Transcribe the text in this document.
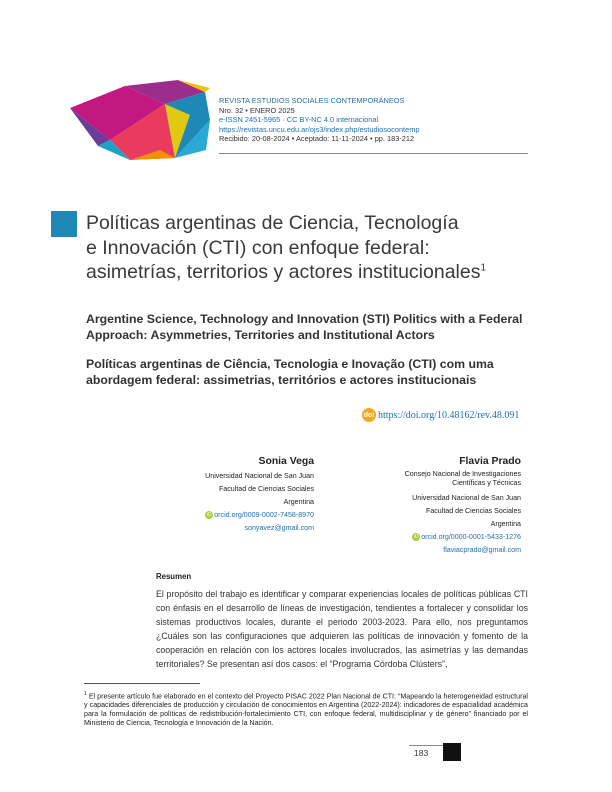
REVISTA ESTUDIOS SOCIALES CONTEMPORÁNEOS
Nro. 32 • ENERO 2025
e-ISSN 2451-5965 · CC BY-NC 4.0 internacional
https://revistas.uncu.edu.ar/ojs3/index.php/estudiosocontemp
Recibido: 20-08-2024 • Aceptado: 11-11-2024 • pp. 183-212
Políticas argentinas de Ciencia, Tecnología
e Innovación (CTI) con enfoque federal:
asimetrías, territorios y actores institucionales$^1$
Argentine Science, Technology and Innovation (STI) Politics with a Federal Approach: Asymmetries, Territories and Institutional Actors
Políticas argentinas de Ciência, Tecnologia e Inovação (CTI) com uma abordagem federal: assimetrias, territórios e actores institucionais
doi https://doi.org/10.48162/rev.48.091
Sonia Vega
Universidad Nacional de San Juan
Facultad de Ciencias Sociales
Argentina
iD orcid.org/0009-0002-7458-8970
sonyavez@gmail.com
Flavia Prado
Consejo Nacional de Investigaciones
Científicas y Técnicas
Universidad Nacional de San Juan
Facultad de Ciencias Sociales
Argentina
iD orcid.org/0000-0001-5433-1276
flaviacprado@gmail.com
Resumen

El propósito del trabajo es identificar y comparar experiencias locales de políticas públicas CTI con énfasis en el desarrollo de líneas de investigación, tendientes a fortalecer y consolidar los sistemas productivos locales, durante el periodo 2003-2023. Para ello, nos preguntamos ¿Cuáles son las configuraciones que adquieren las políticas de innovación y fomento de la cooperación en relación con los actores locales involucrados, las asimetrías y las demandas territoriales? Se presentan así dos casos: el “Programa Córdoba Clústers”,

$^1$ El presente artículo fue elaborado en el contexto del Proyecto PISAC 2022 Plan Nacional de CTI: “Mapeando la heterogeneidad estructural y capacidades diferenciales de producción y circulación de conocimientos en Argentina (2022-2024): indicadores de espacialidad académica para la formulación de políticas de redistribución-fortalecimiento CTI, con enfoque federal, multidisciplinar y de género” financiado por el Ministerio de Ciencia, Tecnología e Innovación de la Nación.

183
